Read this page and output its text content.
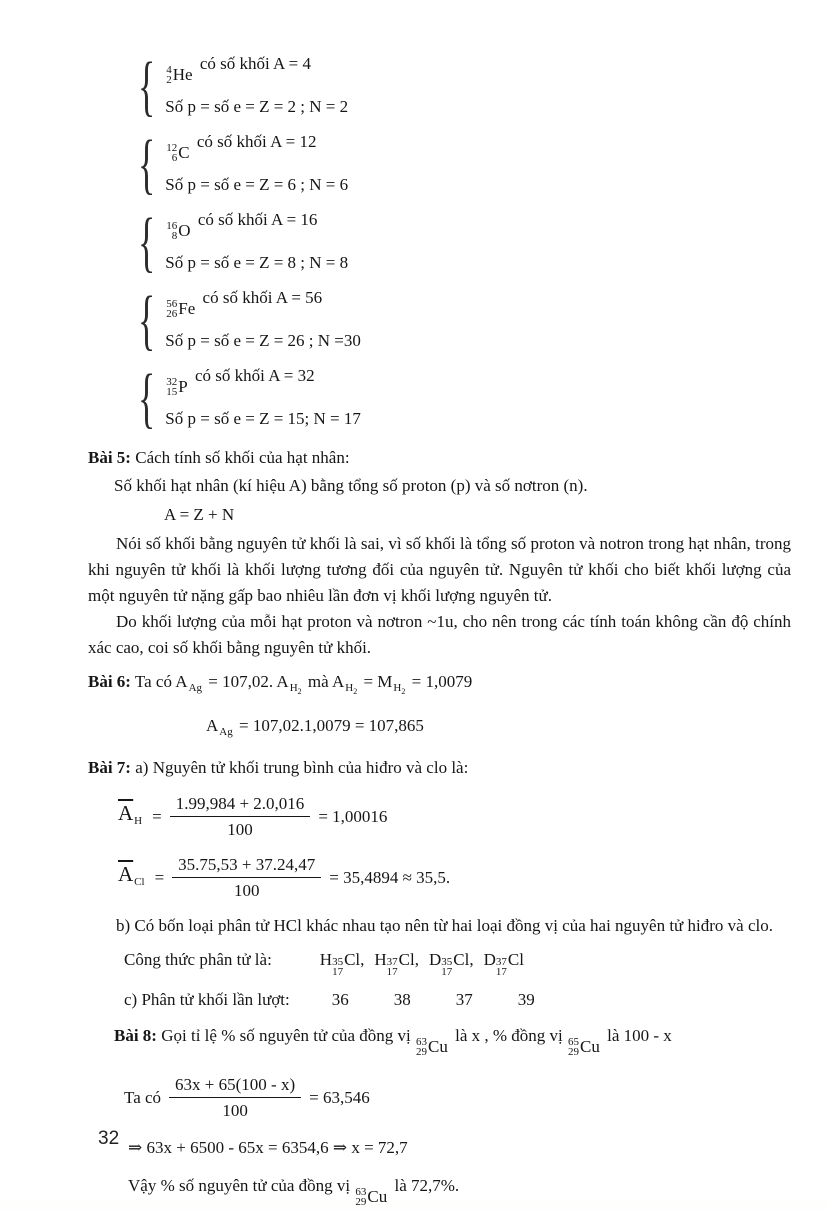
{ 4
2 He
có số khối A = 4
Số p = số e = Z = 2 ; N = 2
{ 12
6 C
có số khối A = 12
Số p = số e = Z = 6 ; N = 6
{ 16
8 O
có số khối A = 16
Số p = số e = Z = 8 ; N = 8
{ 56
26 Fe
có số khối A = 56
Số p = số e = Z = 26 ; N =30
{ 32
15 P
có số khối A = 32
Số p = số e = Z = 15; N = 17
Bài 5: Cách tính số khối của hạt nhân:
Số khối hạt nhân (kí hiệu A) bằng tổng số proton (p) và số nơtron (n).
A = Z + N
Nói số khối bằng nguyên tử khối là sai, vì số khối là tổng số proton và notron trong hạt nhân, trong khi nguyên tử khối là khối lượng tương đối của nguyên tử. Nguyên tử khối cho biết khối lượng của một nguyên tử nặng gấp bao nhiêu lần đơn vị khối lượng nguyên tử.
Do khối lượng của mỗi hạt proton và nơtron ~1u, cho nên trong các tính toán không cần độ chính xác cao, coi số khối bằng nguyên tử khối.
Bài 6: Ta có $A_{Ag} = 107,02$. $A_{H_2}$ mà $A_{H_2} = M_{H_2} = 1,0079$
$A_{Ag} = 107,02.1,0079 = 107,865$
Bài 7: a) Nguyên tử khối trung bình của hiđro và clo là:
$\overline{A}_H = \frac{1.99,984 + 2.0,016}{100} = 1,00016$
$\overline{A}_{Cl} = \frac{35.75,53 + 37.24,47}{100} = 35,4894 \approx 35,5$.
b) Có bốn loại phân tử HCl khác nhau tạo nên từ hai loại đồng vị của hai nguyên tử hiđro và clo.
Công thức phân tử là:	H 35
17
Cl, H 37
17
Cl, D 35
17
Cl, D 37
17
Cl
c) Phân tử khối lần lượt: 36	38	37	39
Bài 8: Gọi tỉ lệ % số nguyên tử của đồng vị 63
29 Cu
là x , % đồng vị 65
29 Cu
là 100 - x
Ta có $\frac{63x + 65(100 - x)}{100} = 63,546$
⇒ 63x + 6500 - 65x = 6354,6 ⇒ x = 72,7
Vậy % số nguyên tử của đồng vị 63
29 Cu
là 72,7%.
32
